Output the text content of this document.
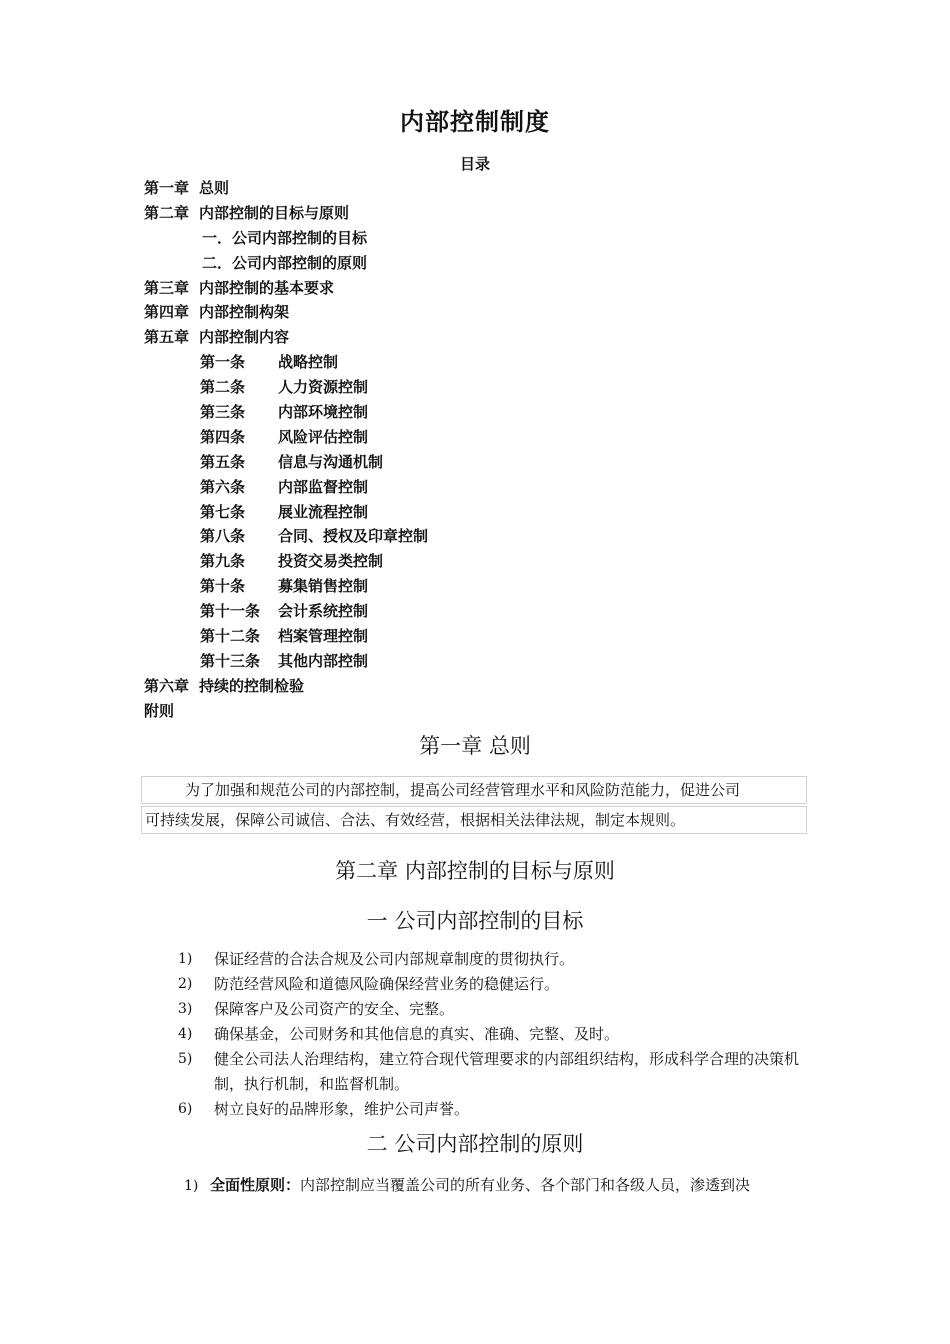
内部控制制度
目录
第一章 总则
第二章 内部控制的目标与原则
一．公司内部控制的目标
二．公司内部控制的原则
第三章 内部控制的基本要求
第四章 内部控制构架
第五章 内部控制内容
第一条 战略控制
第二条 人力资源控制
第三条 内部环境控制
第四条 风险评估控制
第五条 信息与沟通机制
第六条 内部监督控制
第七条 展业流程控制
第八条 合同、授权及印章控制
第九条 投资交易类控制
第十条 募集销售控制
第十一条 会计系统控制
第十二条 档案管理控制
第十三条 其他内部控制
第六章 持续的控制检验
附则
第一章 总则
为了加强和规范公司的内部控制，提高公司经营管理水平和风险防范能力，促进公司
可持续发展，保障公司诚信、合法、有效经营，根据相关法律法规，制定本规则。
第二章 内部控制的目标与原则
一 公司内部控制的目标
1)	保证经营的合法合规及公司内部规章制度的贯彻执行。
2)	防范经营风险和道德风险确保经营业务的稳健运行。
3)	保障客户及公司资产的安全、完整。
4)	确保基金，公司财务和其他信息的真实、准确、完整、及时。
5)	健全公司法人治理结构，建立符合现代管理要求的内部组织结构，形成科学合理的决策机制，执行机制，和监督机制。
6)	树立良好的品牌形象，维护公司声誉。
二 公司内部控制的原则
1) 全面性原则：内部控制应当覆盖公司的所有业务、各个部门和各级人员，渗透到决
